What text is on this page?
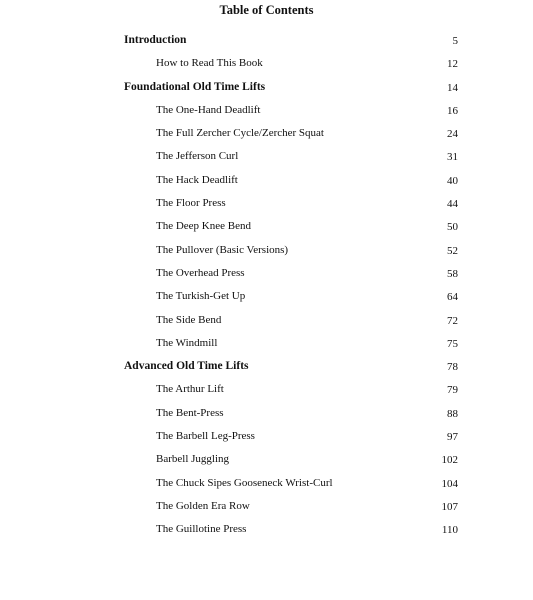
Table of Contents
Introduction	5
How to Read This Book	12
Foundational Old Time Lifts	14
The One-Hand Deadlift	16
The Full Zercher Cycle/Zercher Squat	24
The Jefferson Curl	31
The Hack Deadlift	40
The Floor Press	44
The Deep Knee Bend	50
The Pullover (Basic Versions)	52
The Overhead Press	58
The Turkish-Get Up	64
The Side Bend	72
The Windmill	75
Advanced Old Time Lifts	78
The Arthur Lift	79
The Bent-Press	88
The Barbell Leg-Press	97
Barbell Juggling	102
The Chuck Sipes Gooseneck Wrist-Curl	104
The Golden Era Row	107
The Guillotine Press	110
